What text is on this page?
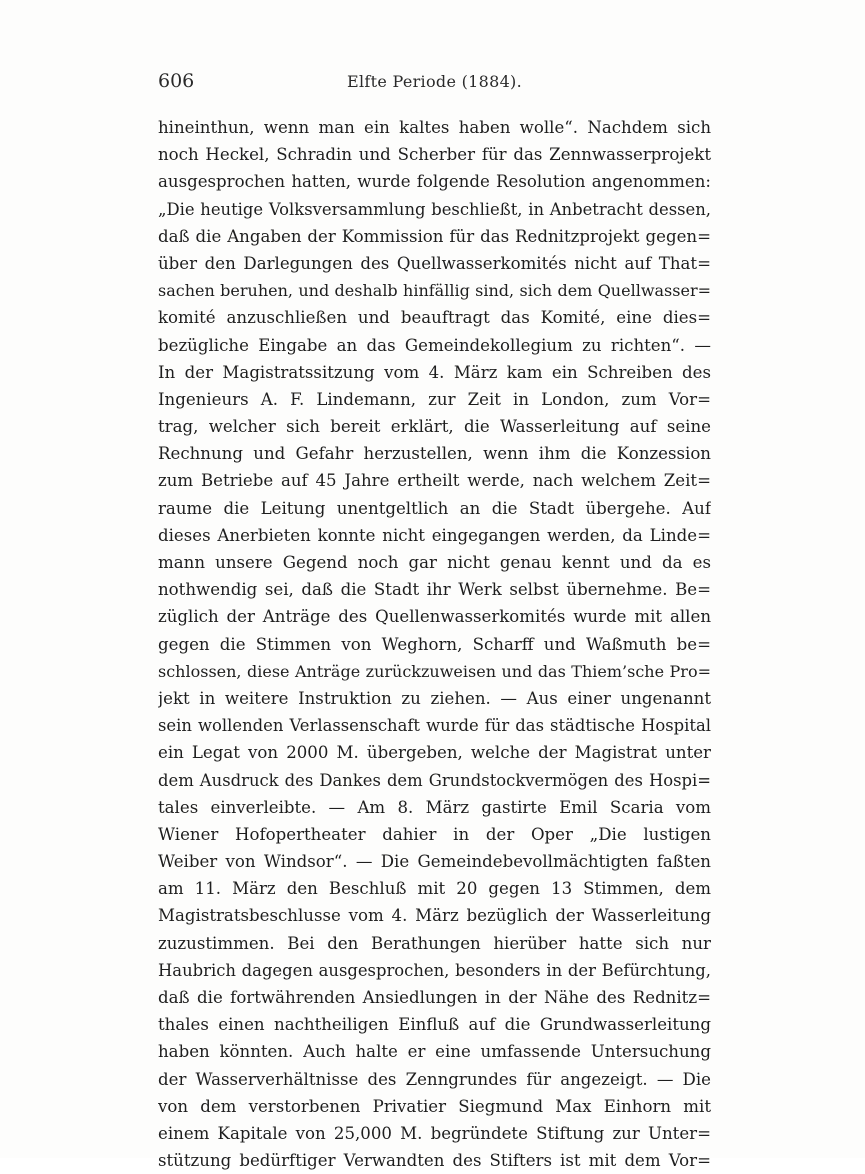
606	Elfte Periode (1884).
hineinthun, wenn man ein kaltes haben wolle“. Nachdem sich
noch Heckel, Schradin und Scherber für das Zennwasserprojekt
ausgesprochen hatten, wurde folgende Resolution angenommen:
„Die heutige Volksversammlung beschließt, in Anbetracht dessen,
daß die Angaben der Kommission für das Rednitzprojekt gegen=
über den Darlegungen des Quellwasserkomités nicht auf That=
sachen beruhen, und deshalb hinfällig sind, sich dem Quellwasser=
komité anzuschließen und beauftragt das Komité, eine dies=
bezügliche Eingabe an das Gemeindekollegium zu richten“. —
In der Magistratssitzung vom 4. März kam ein Schreiben des
Ingenieurs A. F. Lindemann, zur Zeit in London, zum Vor=
trag, welcher sich bereit erklärt, die Wasserleitung auf seine
Rechnung und Gefahr herzustellen, wenn ihm die Konzession
zum Betriebe auf 45 Jahre ertheilt werde, nach welchem Zeit=
raume die Leitung unentgeltlich an die Stadt übergehe. Auf
dieses Anerbieten konnte nicht eingegangen werden, da Linde=
mann unsere Gegend noch gar nicht genau kennt und da es
nothwendig sei, daß die Stadt ihr Werk selbst übernehme. Be=
züglich der Anträge des Quellenwasserkomités wurde mit allen
gegen die Stimmen von Weghorn, Scharff und Waßmuth be=
schlossen, diese Anträge zurückzuweisen und das Thiem’sche Pro=
jekt in weitere Instruktion zu ziehen. — Aus einer ungenannt
sein wollenden Verlassenschaft wurde für das städtische Hospital
ein Legat von 2000 M. übergeben, welche der Magistrat unter
dem Ausdruck des Dankes dem Grundstockvermögen des Hospi=
tales einverleibte. — Am 8. März gastirte Emil Scaria vom
Wiener Hofopertheater dahier in der Oper „Die lustigen
Weiber von Windsor“. — Die Gemeindebevollmächtigten faßten
am 11. März den Beschluß mit 20 gegen 13 Stimmen, dem
Magistratsbeschlusse vom 4. März bezüglich der Wasserleitung
zuzustimmen. Bei den Berathungen hierüber hatte sich nur
Haubrich dagegen ausgesprochen, besonders in der Befürchtung,
daß die fortwährenden Ansiedlungen in der Nähe des Rednitz=
thales einen nachtheiligen Einfluß auf die Grundwasserleitung
haben könnten. Auch halte er eine umfassende Untersuchung
der Wasserverhältnisse des Zenngrundes für angezeigt. — Die
von dem verstorbenen Privatier Siegmund Max Einhorn mit
einem Kapitale von 25,000 M. begründete Stiftung zur Unter=
stützung bedürftiger Verwandten des Stifters ist mit dem Vor=
